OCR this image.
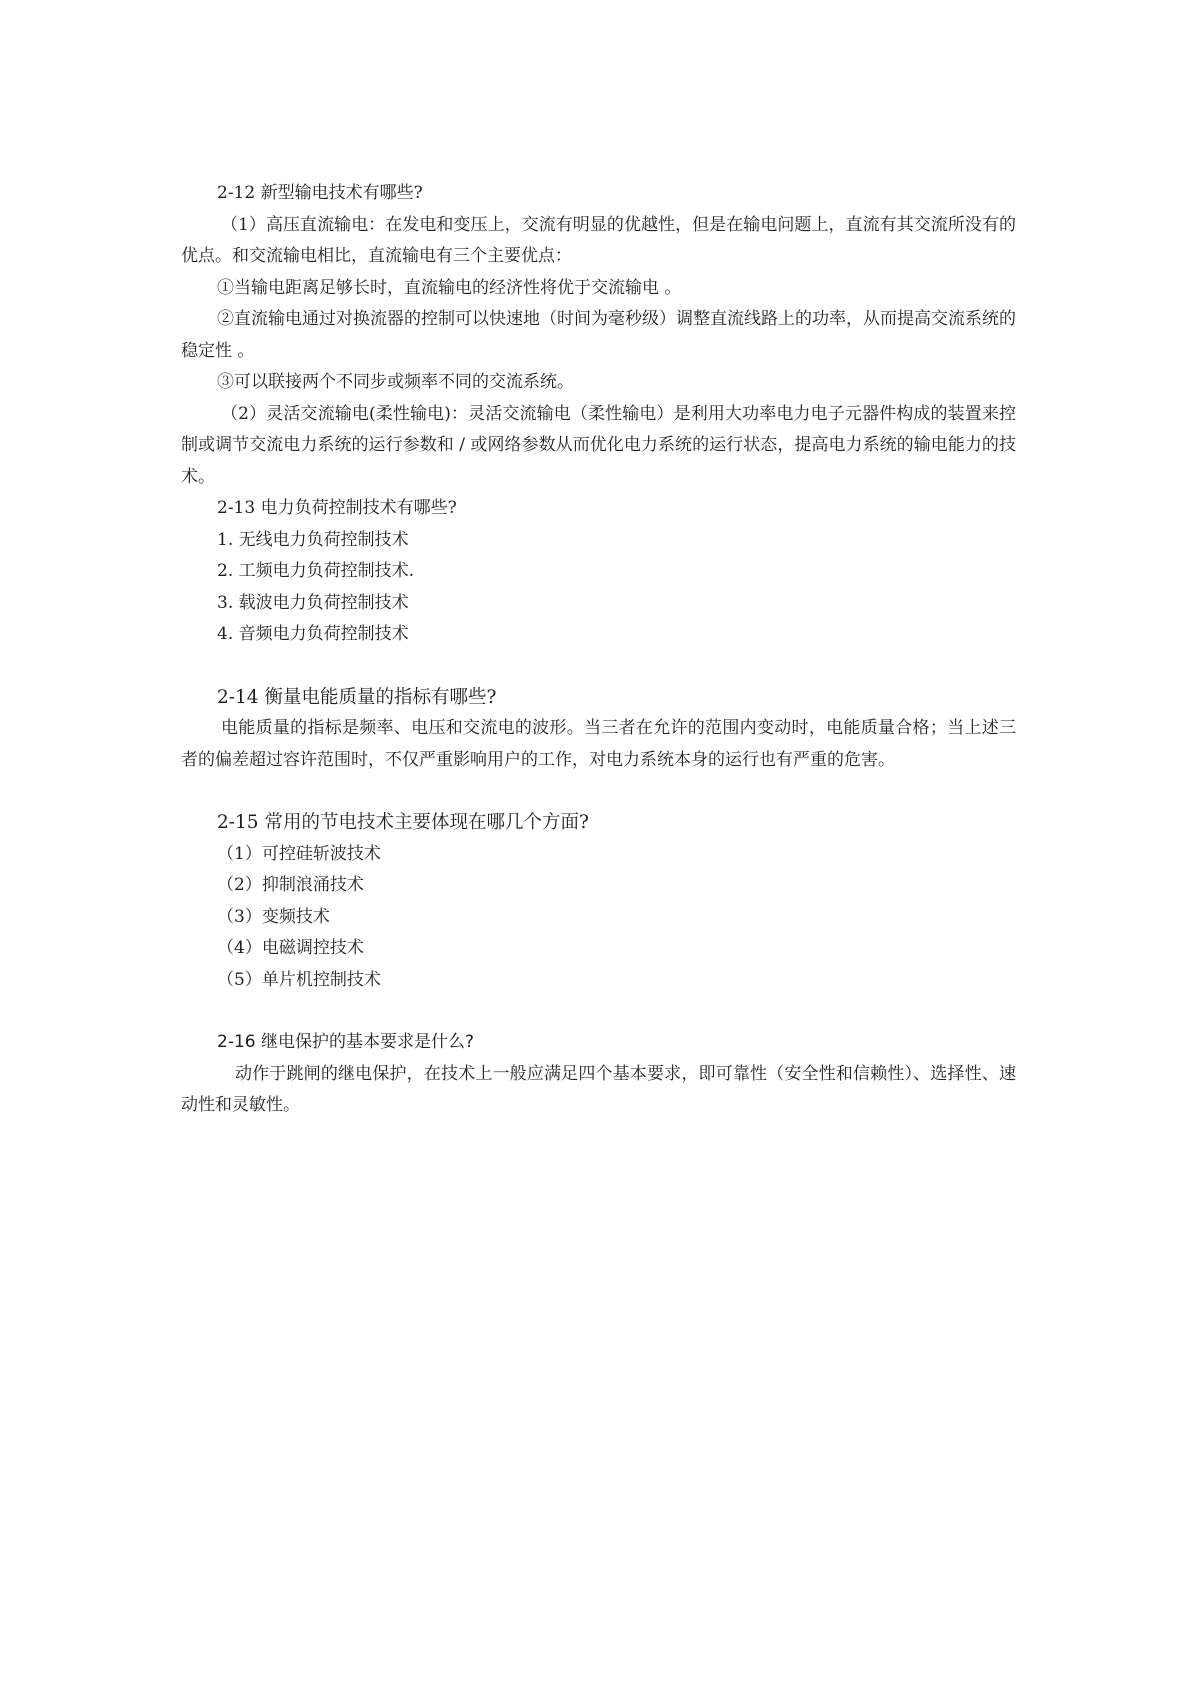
2-12 新型输电技术有哪些?
（1）高压直流输电：在发电和变压上，交流有明显的优越性，但是在输电问题上，直流有其交流所没有的优点。和交流输电相比，直流输电有三个主要优点：
①当输电距离足够长时，直流输电的经济性将优于交流输电 。
②直流输电通过对换流器的控制可以快速地（时间为毫秒级）调整直流线路上的功率，从而提高交流系统的稳定性 。
③可以联接两个不同步或频率不同的交流系统。
（2）灵活交流输电(柔性输电)：灵活交流输电（柔性输电）是利用大功率电力电子元器件构成的装置来控制或调节交流电力系统的运行参数和 / 或网络参数从而优化电力系统的运行状态，提高电力系统的输电能力的技术。
2-13 电力负荷控制技术有哪些?
1. 无线电力负荷控制技术
2. 工频电力负荷控制技术.
3. 载波电力负荷控制技术
4. 音频电力负荷控制技术
2-14 衡量电能质量的指标有哪些?
电能质量的指标是频率、电压和交流电的波形。当三者在允许的范围内变动时，电能质量合格；当上述三者的偏差超过容许范围时，不仅严重影响用户的工作，对电力系统本身的运行也有严重的危害。
2-15 常用的节电技术主要体现在哪几个方面?
（1）可控硅斩波技术
（2）抑制浪涌技术
（3）变频技术
（4）电磁调控技术
（5）单片机控制技术
2-16 继电保护的基本要求是什么?
动作于跳闸的继电保护，在技术上一般应满足四个基本要求，即可靠性（安全性和信赖性）、选择性、速动性和灵敏性。
